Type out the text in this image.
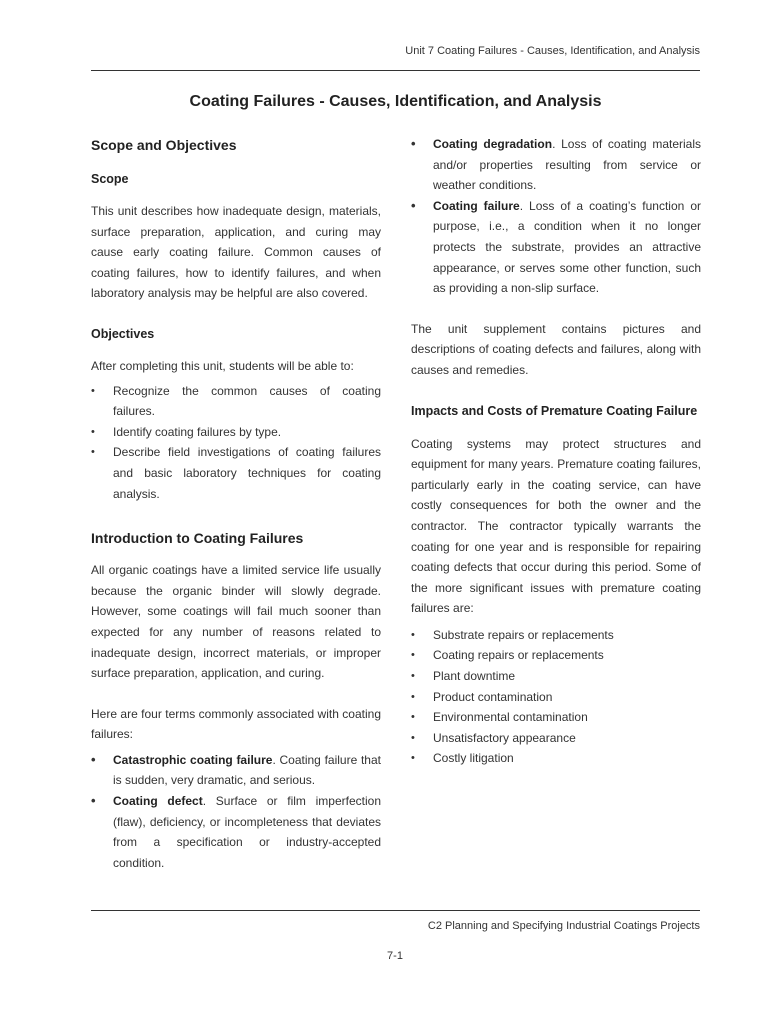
Unit 7 Coating Failures - Causes, Identification, and Analysis
Coating Failures - Causes, Identification, and Analysis
Scope and Objectives
Scope

This unit describes how inadequate design, materials, surface preparation, application, and curing may cause early coating failure. Common causes of coating failures, how to identify failures, and when laboratory analysis may be helpful are also covered.

Objectives

After completing this unit, students will be able to:

•	Recognize the common causes of coating failures.
•	Identify coating failures by type.
•	Describe field investigations of coating failures and basic laboratory techniques for coating analysis.
Introduction to Coating Failures

All organic coatings have a limited service life usually because the organic binder will slowly degrade. However, some coatings will fail much sooner than expected for any number of reasons related to inadequate design, incorrect materials, or improper surface preparation, application, and curing.

Here are four terms commonly associated with coating failures:

•	Catastrophic coating failure. Coating failure that is sudden, very dramatic, and serious.
•	Coating defect. Surface or film imperfection (flaw), deficiency, or incompleteness that deviates from a specification or industry-accepted condition.
•	Coating degradation. Loss of coating materials and/or properties resulting from service or weather conditions.
•	Coating failure. Loss of a coating’s function or purpose, i.e., a condition when it no longer protects the substrate, provides an attractive appearance, or serves some other function, such as providing a non-slip surface.

The unit supplement contains pictures and descriptions of coating defects and failures, along with causes and remedies.

Impacts and Costs of Premature Coating Failure

Coating systems may protect structures and equipment for many years. Premature coating failures, particularly early in the coating service, can have costly consequences for both the owner and the contractor. The contractor typically warrants the coating for one year and is responsible for repairing coating defects that occur during this period. Some of the more significant issues with premature coating failures are:

•	Substrate repairs or replacements
•	Coating repairs or replacements
•	Plant downtime
•	Product contamination
•	Environmental contamination
•	Unsatisfactory appearance
•	Costly litigation
C2 Planning and Specifying Industrial Coatings Projects
7-1
